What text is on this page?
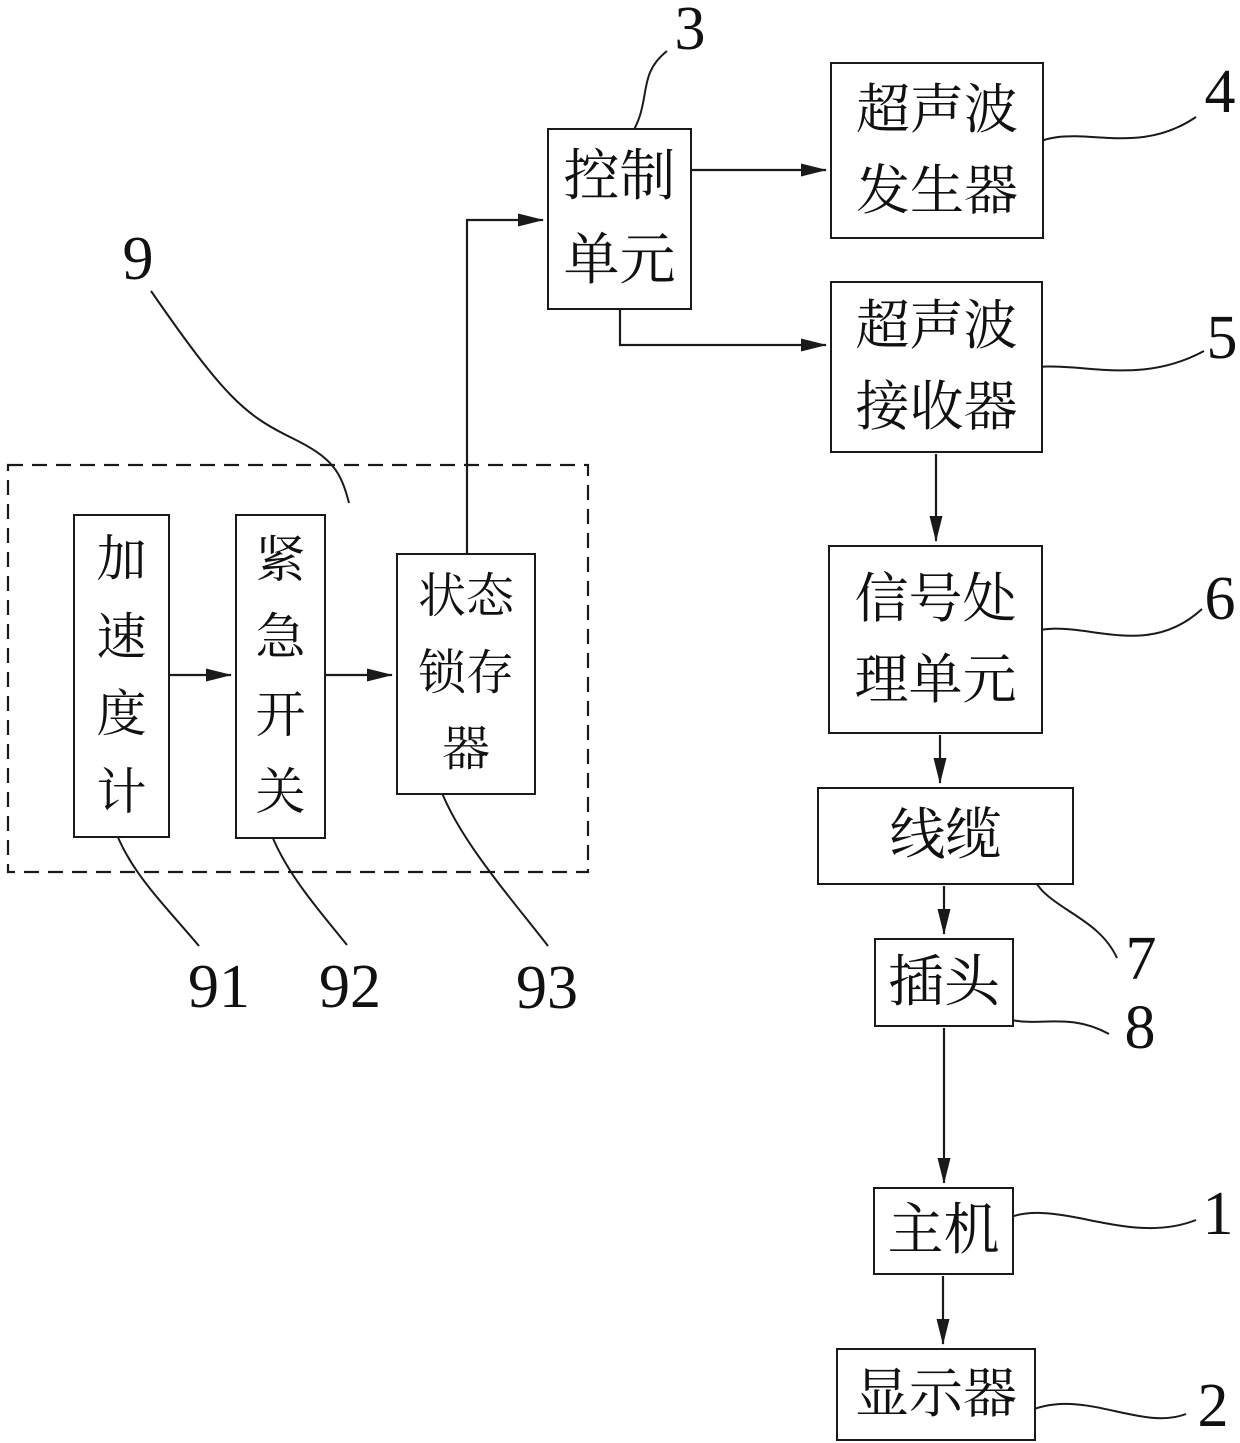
控制
单元
超声波
发生器
超声波
接收器
信号处
理单元
线缆
插头
主机
显示器
加
速
度
计
紧
急
开
关
状态
锁存
器
1
2
3
4
5
6
7
8
9
91 92 93
